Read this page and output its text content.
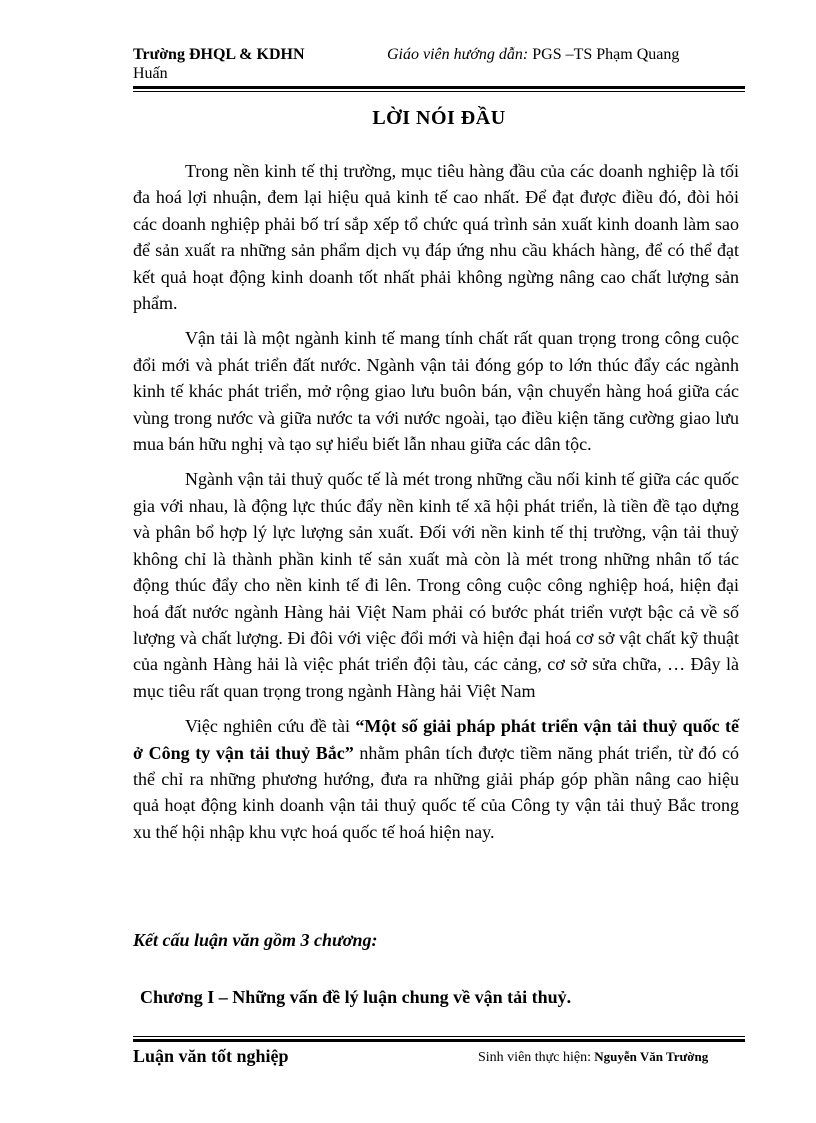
Trường ĐHQL & KDHN	Giáo viên hướng dẫn: PGS –TS Phạm Quang
Huấn
LỜI NÓI ĐẦU

Trong nền kinh tế thị trường, mục tiêu hàng đầu của các doanh nghiệp là tối đa hoá lợi nhuận, đem lại hiệu quả kinh tế cao nhất. Để đạt được điều đó, đòi hỏi các doanh nghiệp phải bố trí sắp xếp tổ chức quá trình sản xuất kinh doanh làm sao để sản xuất ra những sản phẩm dịch vụ đáp ứng nhu cầu khách hàng, để có thể đạt kết quả hoạt động kinh doanh tốt nhất phải không ngừng nâng cao chất lượng sản phẩm.

Vận tải là một ngành kinh tế mang tính chất rất quan trọng trong công cuộc đổi mới và phát triển đất nước. Ngành vận tải đóng góp to lớn thúc đẩy các ngành kinh tế khác phát triển, mở rộng giao lưu buôn bán, vận chuyển hàng hoá giữa các vùng trong nước và giữa nước ta với nước ngoài, tạo điều kiện tăng cường giao lưu mua bán hữu nghị và tạo sự hiểu biết lẫn nhau giữa các dân tộc.

Ngành vận tải thuỷ quốc tế là mét trong những cầu nối kinh tế giữa các quốc gia với nhau, là động lực thúc đẩy nền kinh tế xã hội phát triển, là tiền đề tạo dựng và phân bổ hợp lý lực lượng sản xuất. Đối với nền kinh tế thị trường, vận tải thuỷ không chỉ là thành phần kinh tế sản xuất mà còn là mét trong những nhân tố tác động thúc đẩy cho nền kinh tế đi lên. Trong công cuộc công nghiệp hoá, hiện đại hoá đất nước ngành Hàng hải Việt Nam phải có bước phát triển vượt bậc cả về số lượng và chất lượng. Đi đôi với việc đổi mới và hiện đại hoá cơ sở vật chất kỹ thuật của ngành Hàng hải là việc phát triển đội tàu, các cảng, cơ sở sửa chữa, … Đây là mục tiêu rất quan trọng trong ngành Hàng hải Việt Nam

Việc nghiên cứu đề tài “Một số giải pháp phát triển vận tải thuỷ quốc tế ở Công ty vận tải thuỷ Bắc” nhằm phân tích được tiềm năng phát triển, từ đó có thể chỉ ra những phương hướng, đưa ra những giải pháp góp phần nâng cao hiệu quả hoạt động kinh doanh vận tải thuỷ quốc tế của Công ty vận tải thuỷ Bắc trong xu thế hội nhập khu vực hoá quốc tế hoá hiện nay.

Kết cấu luận văn gồm 3 chương:
Chương I – Những vấn đề lý luận chung về vận tải thuỷ.
Luận văn tốt nghiệp	Sinh viên thực hiện: Nguyễn Văn Trường
